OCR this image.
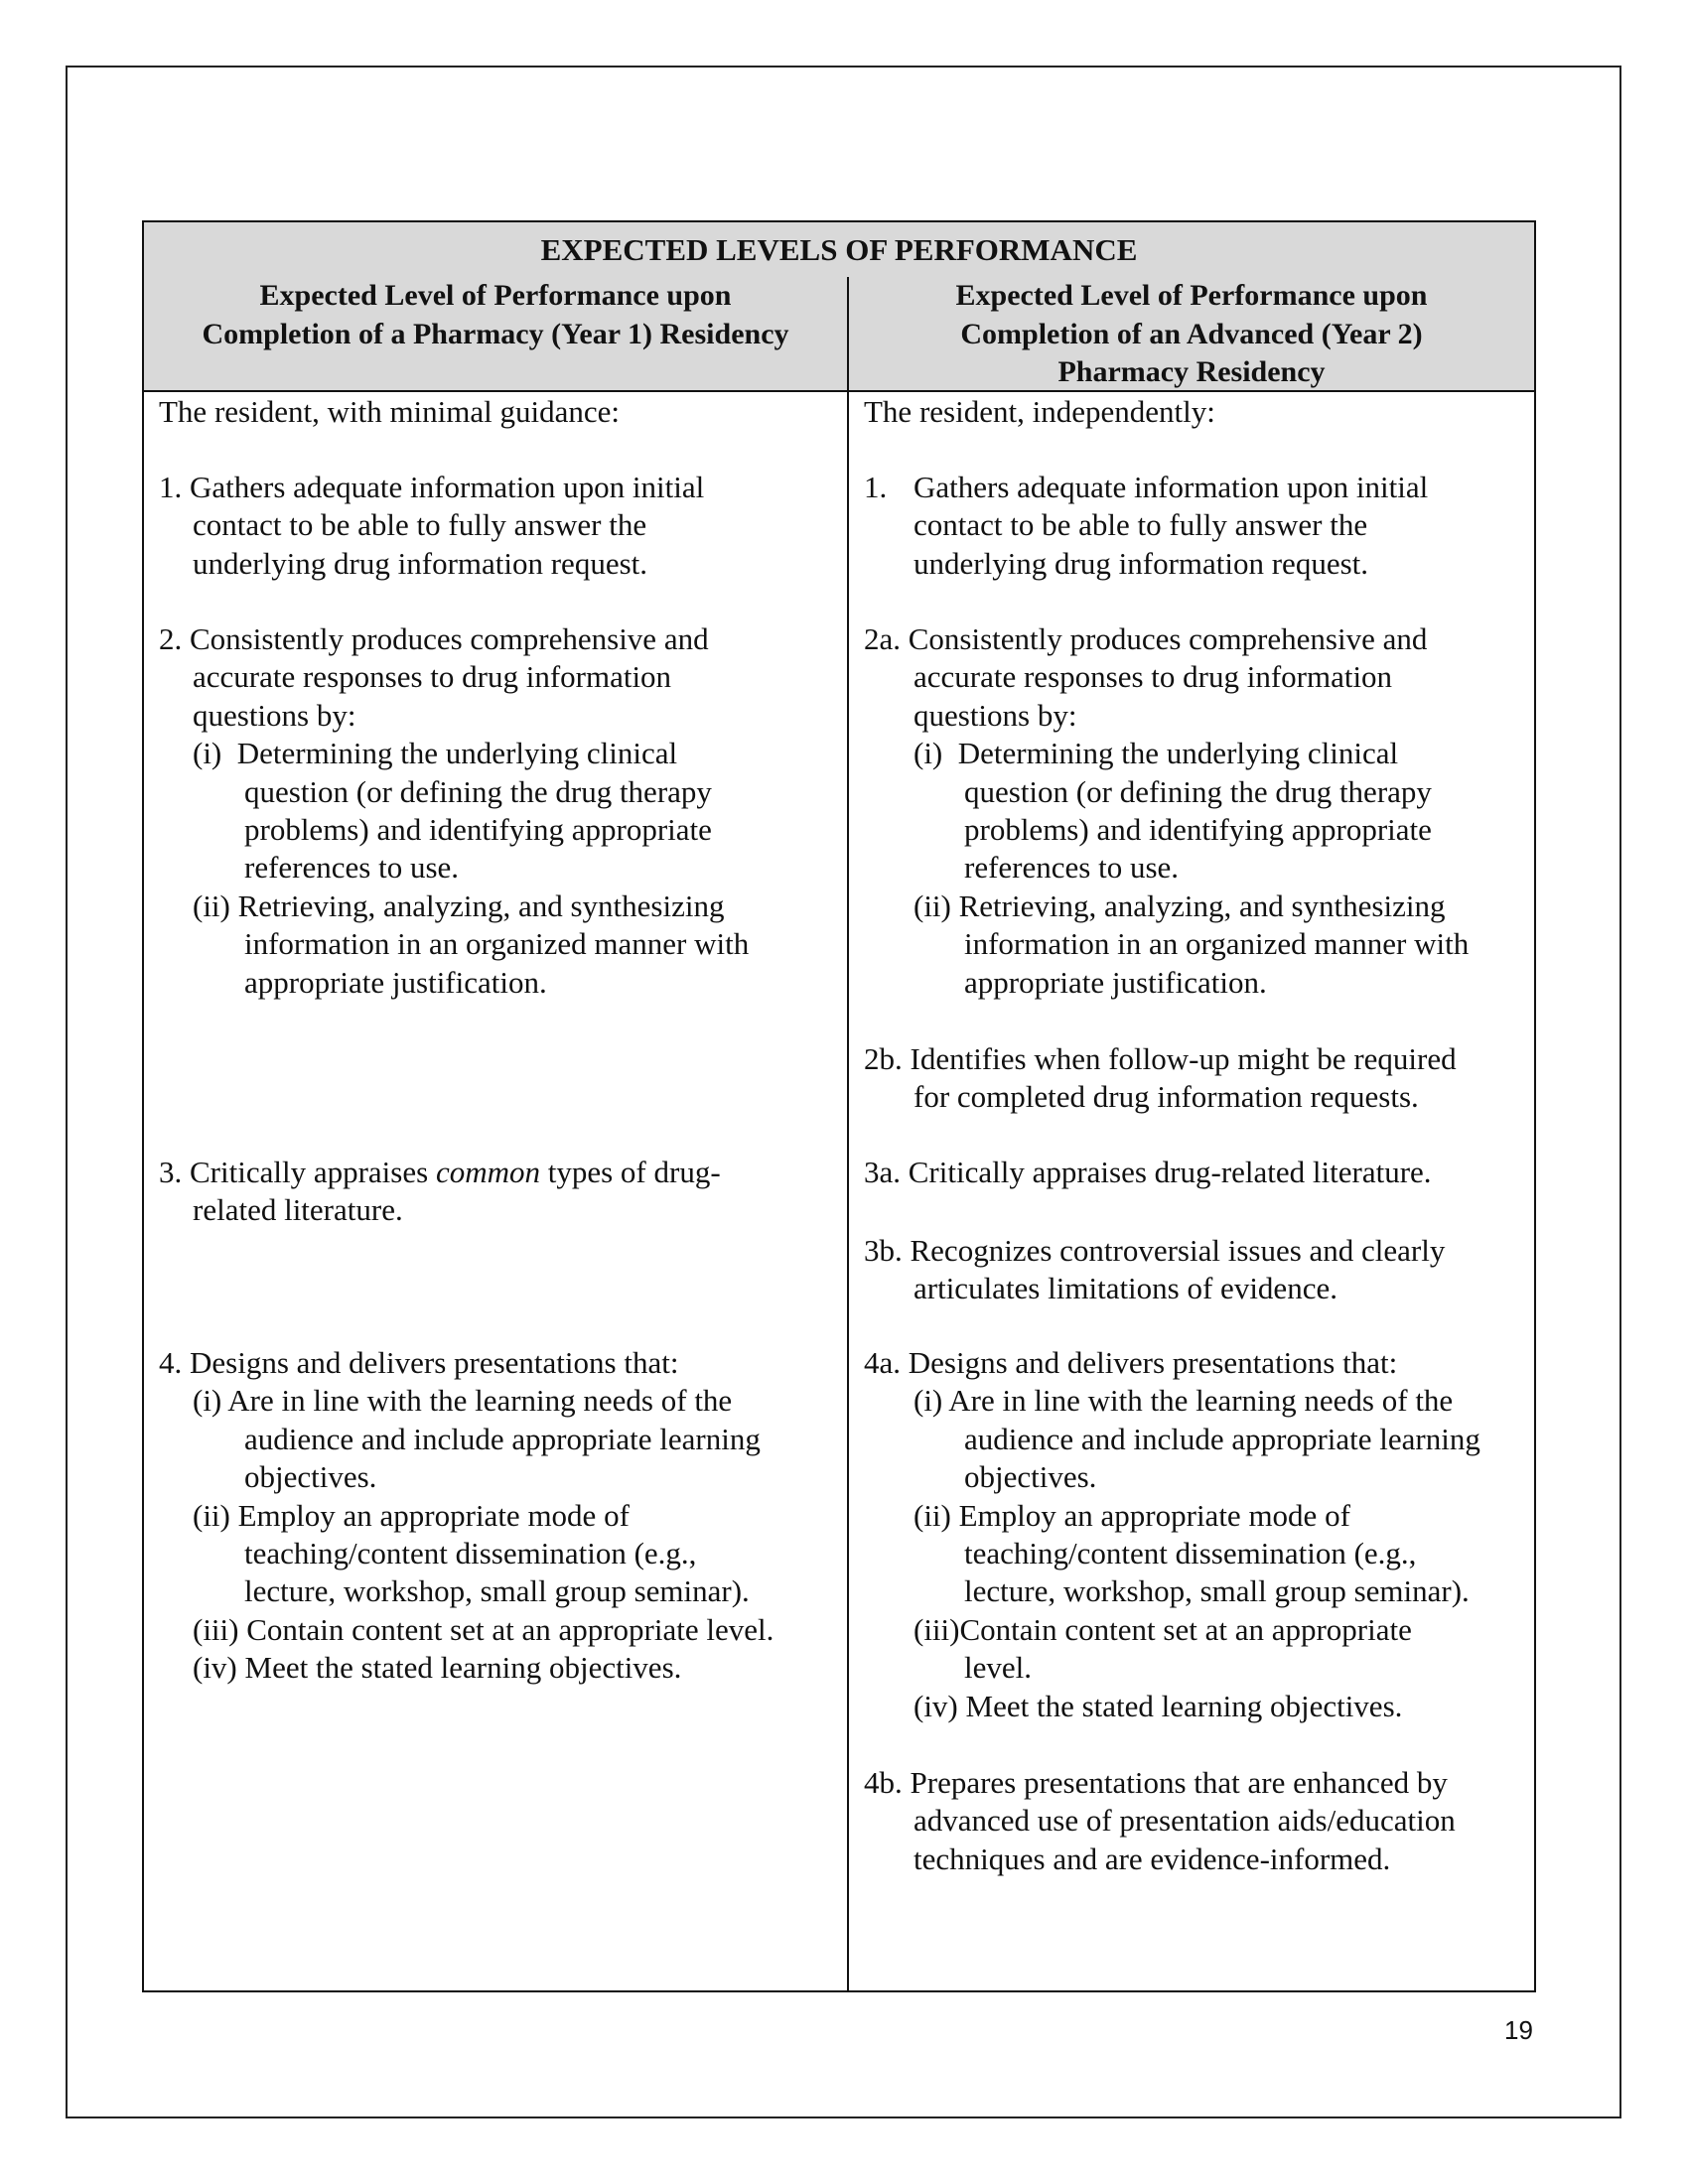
EXPECTED LEVELS OF PERFORMANCE
Expected Level of Performance upon
Completion of a Pharmacy (Year 1) Residency
Expected Level of Performance upon
Completion of an Advanced (Year 2)
Pharmacy Residency
The resident, with minimal guidance:
1. Gathers adequate information upon initial
contact to be able to fully answer the
underlying drug information request.
2. Consistently produces comprehensive and
accurate responses to drug information
questions by:
(i)  Determining the underlying clinical
question (or defining the drug therapy
problems) and identifying appropriate
references to use.
(ii) Retrieving, analyzing, and synthesizing
information in an organized manner with
appropriate justification.
3. Critically appraises common types of drug-
related literature.
4. Designs and delivers presentations that:
(i) Are in line with the learning needs of the
audience and include appropriate learning
objectives.
(ii) Employ an appropriate mode of
teaching/content dissemination (e.g.,
lecture, workshop, small group seminar).
(iii) Contain content set at an appropriate level.
(iv) Meet the stated learning objectives.
The resident, independently:
1. Gathers adequate information upon initial
contact to be able to fully answer the
underlying drug information request.
2a. Consistently produces comprehensive and
accurate responses to drug information
questions by:
(i)  Determining the underlying clinical
question (or defining the drug therapy
problems) and identifying appropriate
references to use.
(ii) Retrieving, analyzing, and synthesizing
information in an organized manner with
appropriate justification.
2b. Identifies when follow-up might be required
for completed drug information requests.
3a. Critically appraises drug-related literature.
3b. Recognizes controversial issues and clearly
articulates limitations of evidence.
4a. Designs and delivers presentations that:
(i) Are in line with the learning needs of the
audience and include appropriate learning
objectives.
(ii) Employ an appropriate mode of
teaching/content dissemination (e.g.,
lecture, workshop, small group seminar).
(iii)Contain content set at an appropriate
level.
(iv) Meet the stated learning objectives.
4b. Prepares presentations that are enhanced by
advanced use of presentation aids/education
techniques and are evidence-informed.
19
